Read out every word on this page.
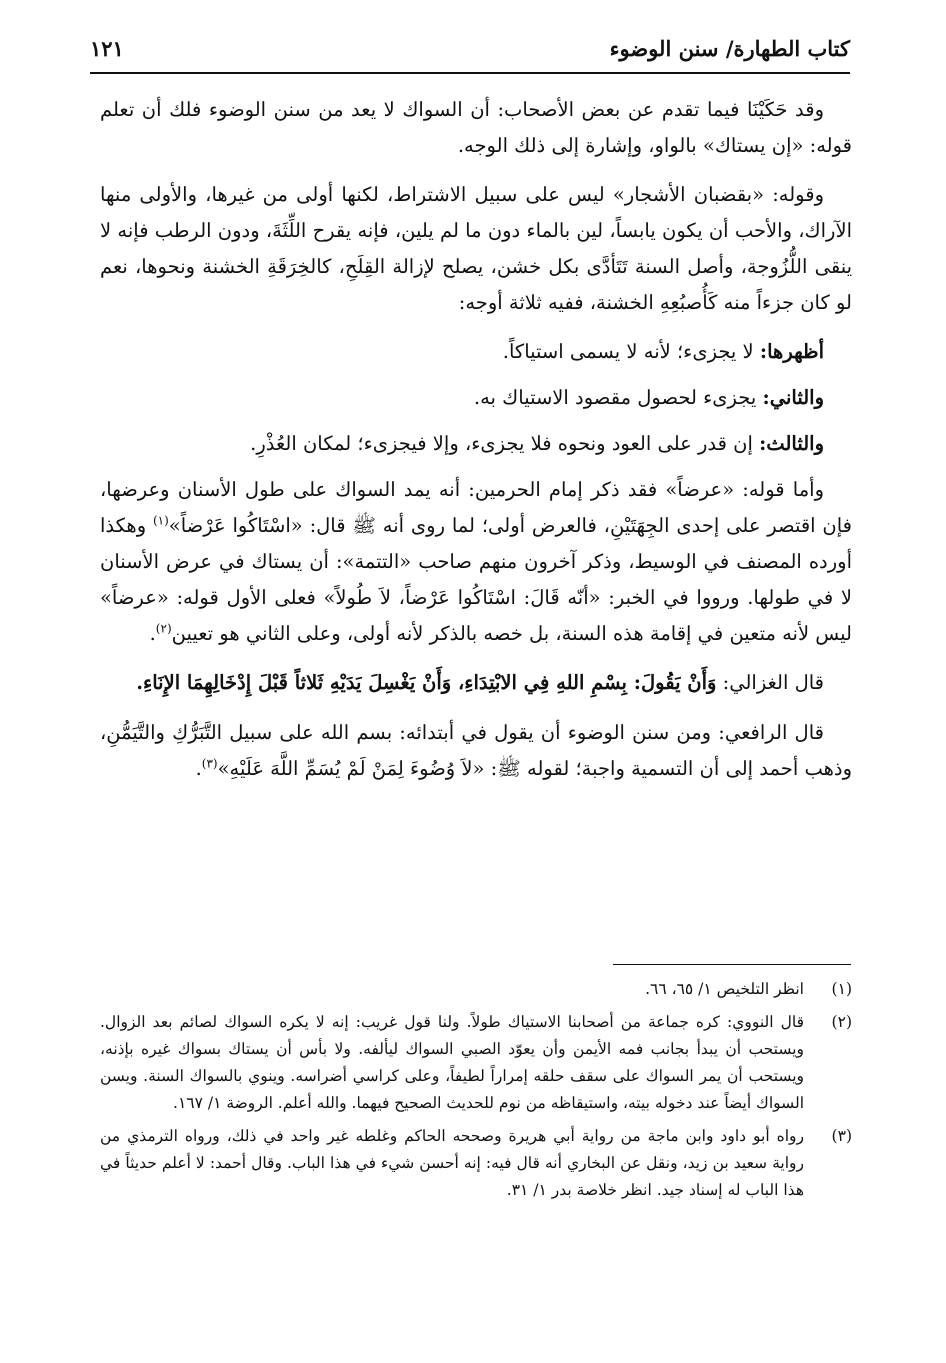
كتاب الطهارة/ سنن الوضوء
١٢١

وقد حَكَيْنَا فيما تقدم عن بعض الأصحاب: أن السواك لا يعد من سنن الوضوء فلك أن تعلم قوله: «إن يستاك» بالواو، وإشارة إلى ذلك الوجه.

وقوله: «بقضبان الأشجار» ليس على سبيل الاشتراط، لكنها أولى من غيرها، والأولى منها الآراك، والأحب أن يكون يابساً، لين بالماء دون ما لم يلين، فإنه يقرح اللِّثَةَ، ودون الرطب فإنه لا ينقى اللُّزُوجة، وأصل السنة تَتَأدَّى بكل خشن، يصلح لإزالة القِلَحِ، كالخِرَقَةِ الخشنة ونحوها، نعم لو كان جزءاً منه كَأُصبُعِهِ الخشنة، ففيه ثلاثة أوجه:

أظهرها: لا يجزىء؛ لأنه لا يسمى استياكاً.

والثاني: يجزىء لحصول مقصود الاستياك به.

والثالث: إن قدر على العود ونحوه فلا يجزىء، وإلا فيجزىء؛ لمكان العُذْرِ.

وأما قوله: «عرضاً» فقد ذكر إمام الحرمين: أنه يمد السواك على طول الأسنان وعرضها، فإن اقتصر على إحدى الجِهَتَيْنِ، فالعرض أولى؛ لما روى أنه ﷺ قال: «اسْتَاكُوا عَرْضاً»$^{(١)}$ وهكذا أورده المصنف في الوسيط، وذكر آخرون منهم صاحب «التتمة»: أن يستاك في عرض الأسنان لا في طولها. ورووا في الخبر: «أنّه قَالَ: اسْتَاكُوا عَرْضاً، لاَ طُولاً» فعلى الأول قوله: «عرضاً» ليس لأنه متعين في إقامة هذه السنة، بل خصه بالذكر لأنه أولى، وعلى الثاني هو تعيين$^{(٢)}$.

قال الغزالي: وَأَنْ يَقُولَ: بِسْمِ اللهِ فِي الابْتِدَاءِ، وَأَنْ يَغْسِلَ يَدَيْهِ ثَلاثاً قَبْلَ إِدْخَالِهِمَا الإِنَاءِ.

قال الرافعي: ومن سنن الوضوء أن يقول في أبتدائه: بسم الله على سبيل التَّبَرُّكِ والتَّيَمُّنِ، وذهب أحمد إلى أن التسمية واجبة؛ لقوله ﷺ: «لاَ وُضُوءَ لِمَنْ لَمْ يُسَمِّ اللَّهَ عَلَيْهِ»$^{(٣)}$.

(١)
انظر التلخيص ١/ ٦٥، ٦٦.
(٢)
قال النووي: كره جماعة من أصحابنا الاستياك طولاً. ولنا قول غريب: إنه لا يكره السواك لصائم بعد الزوال. ويستحب أن يبدأ بجانب فمه الأيمن وأن يعوّد الصبي السواك ليألفه. ولا بأس أن يستاك بسواك غيره بإذنه، ويستحب أن يمر السواك على سقف حلقه إمراراً لطيفاً، وعلى كراسي أضراسه. وينوي بالسواك السنة. ويسن السواك أيضاً عند دخوله بيته، واستيقاظه من نوم للحديث الصحيح فيهما. والله أعلم. الروضة ١/ ١٦٧.
(٣)
رواه أبو داود وابن ماجة من رواية أبي هريرة وصححه الحاكم وغلطه غير واحد في ذلك، ورواه الترمذي من رواية سعيد بن زيد، ونقل عن البخاري أنه قال فيه: إنه أحسن شيء في هذا الباب. وقال أحمد: لا أعلم حديثاً في هذا الباب له إسناد جيد. انظر خلاصة بدر ١/ ٣١.
